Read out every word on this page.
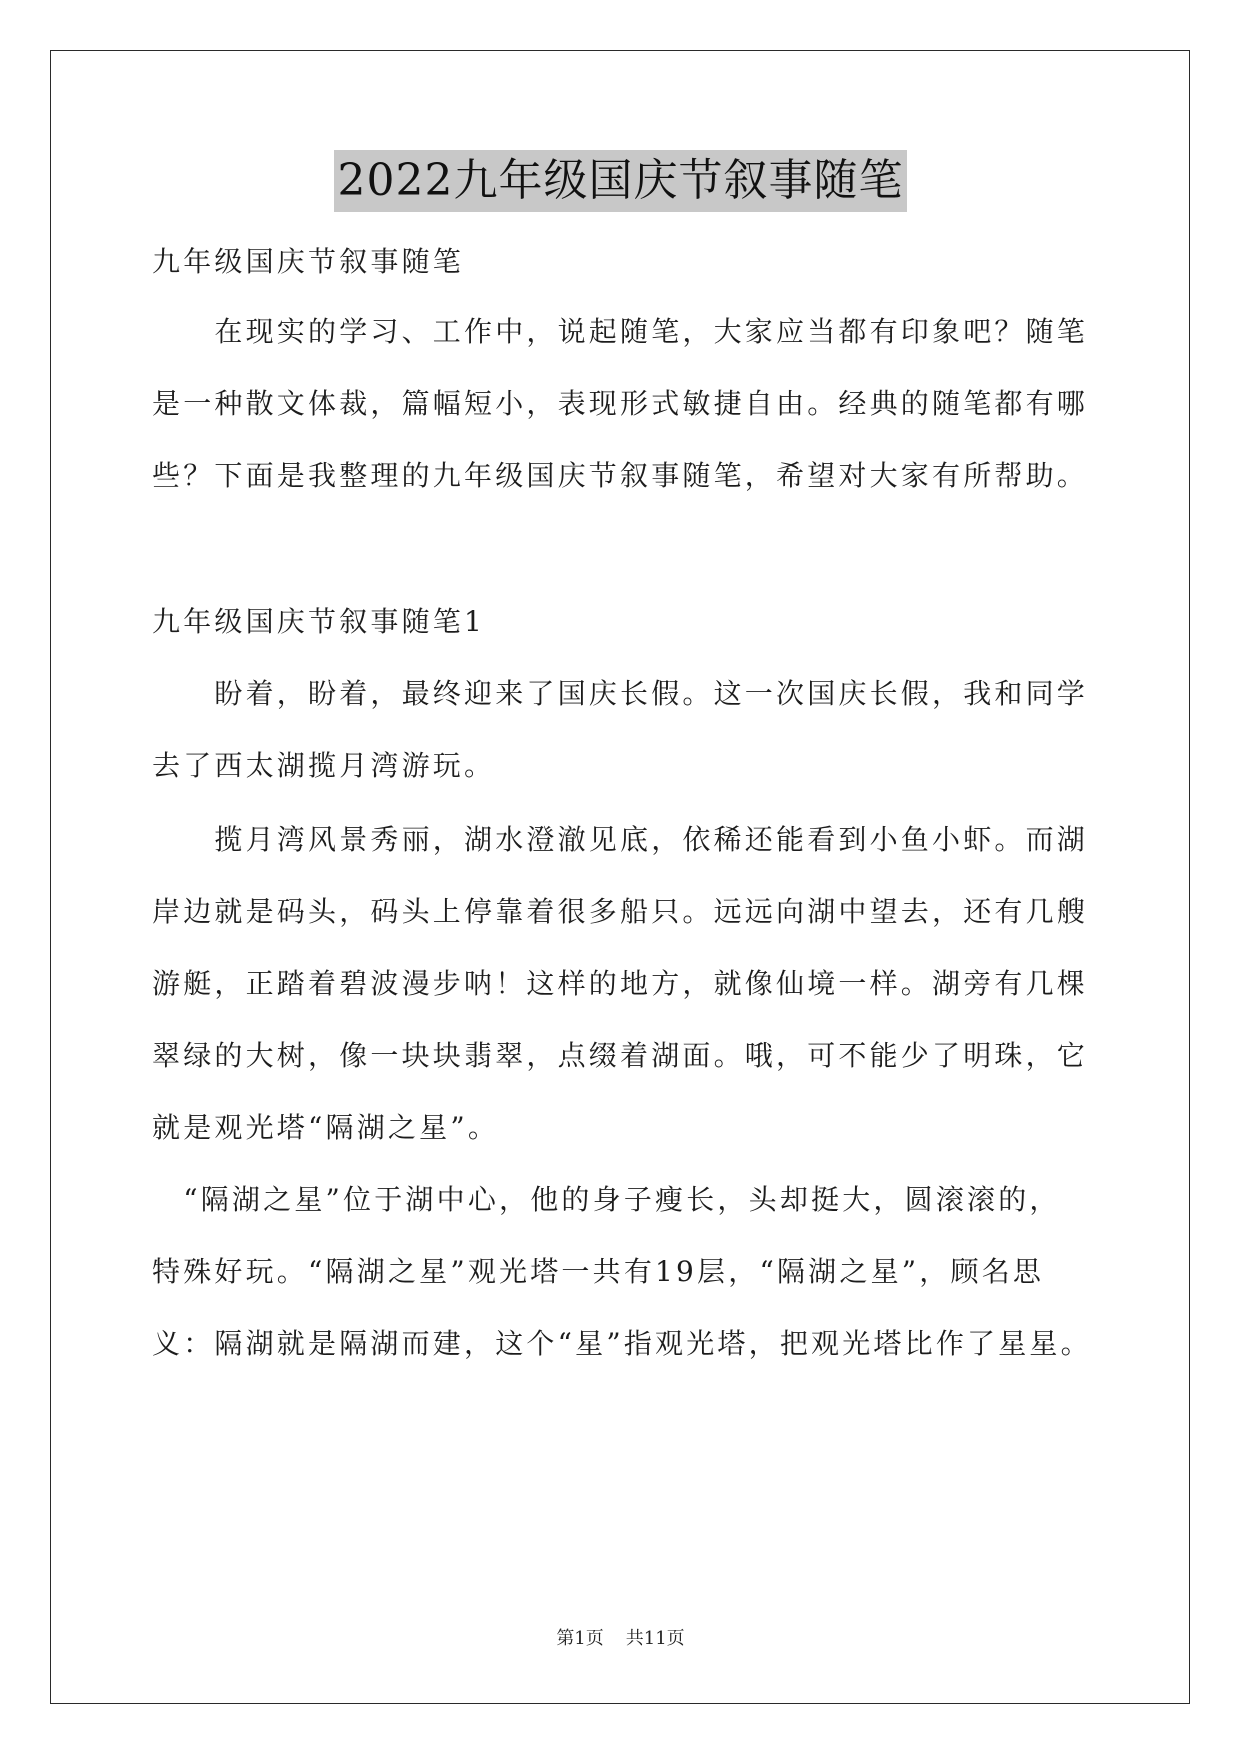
2022九年级国庆节叙事随笔
九年级国庆节叙事随笔
　　在现实的学习、工作中，说起随笔，大家应当都有印象吧？随笔
是一种散文体裁，篇幅短小，表现形式敏捷自由。经典的随笔都有哪
些？下面是我整理的九年级国庆节叙事随笔，希望对大家有所帮助。
九年级国庆节叙事随笔1
　　盼着，盼着，最终迎来了国庆长假。这一次国庆长假，我和同学
去了西太湖揽月湾游玩。
　　揽月湾风景秀丽，湖水澄澈见底，依稀还能看到小鱼小虾。而湖
岸边就是码头，码头上停靠着很多船只。远远向湖中望去，还有几艘
游艇，正踏着碧波漫步呐！这样的地方，就像仙境一样。湖旁有几棵
翠绿的大树，像一块块翡翠，点缀着湖面。哦，可不能少了明珠，它
就是观光塔“隔湖之星”。
　“隔湖之星”位于湖中心，他的身子瘦长，头却挺大，圆滚滚的，
特殊好玩。“隔湖之星”观光塔一共有19层，“隔湖之星”，顾名思
义：隔湖就是隔湖而建，这个“星”指观光塔，把观光塔比作了星星。
第1页 共11页
